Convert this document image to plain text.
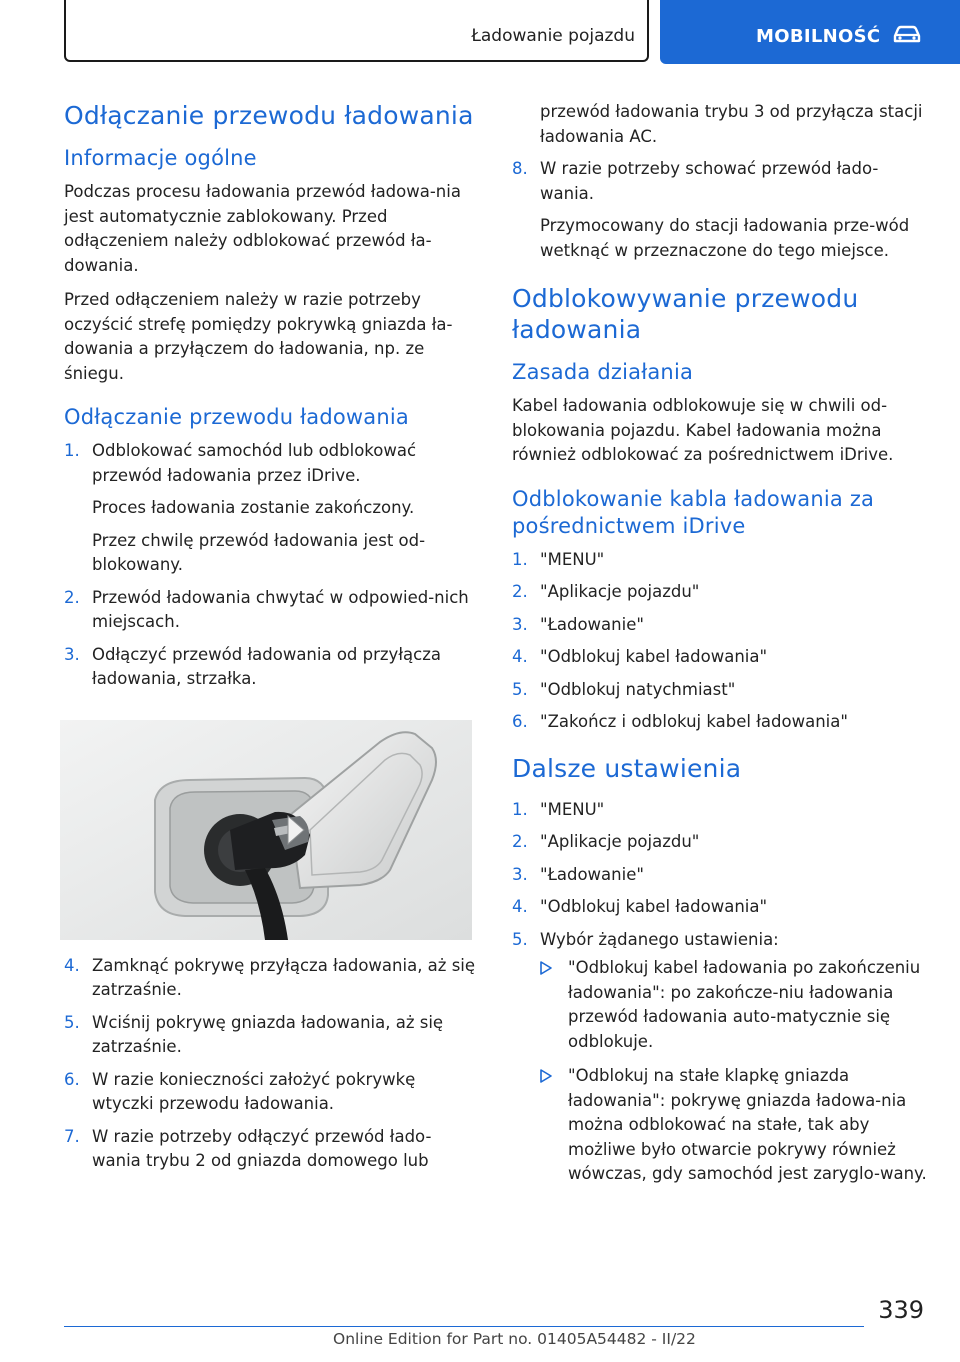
Ładowanie pojazdu	MOBILNOŚĆ
Odłączanie przewodu ładowania
Informacje ogólne

Podczas procesu ładowania przewód ładowa-nia jest automatycznie zablokowany. Przed odłączeniem należy odblokować przewód ła-dowania.

Przed odłączeniem należy w razie potrzeby oczyścić strefę pomiędzy pokrywką gniazda ła-dowania a przyłączem do ładowania, np. ze śniegu.

Odłączanie przewodu ładowania
1. Odblokować samochód lub odblokować przewód ładowania przez iDrive.
Proces ładowania zostanie zakończony.
Przez chwilę przewód ładowania jest od-blokowany.
2. Przewód ładowania chwytać w odpowied-nich miejscach.
3. Odłączyć przewód ładowania od przyłącza ładowania, strzałka.
4. Zamknąć pokrywę przyłącza ładowania, aż się zatrzaśnie.
5. Wciśnij pokrywę gniazda ładowania, aż się zatrzaśnie.
6. W razie konieczności założyć pokrywkę wtyczki przewodu ładowania.
7. W razie potrzeby odłączyć przewód łado-wania trybu 2 od gniazda domowego lub

przewód ładowania trybu 3 od przyłącza stacji ładowania AC.

8. W razie potrzeby schować przewód łado-wania.
Przymocowany do stacji ładowania prze-wód wetknąć w przeznaczone do tego miejsce.
Odblokowywanie przewodu ładowania
Zasada działania

Kabel ładowania odblokowuje się w chwili od-blokowania pojazdu. Kabel ładowania można również odblokować za pośrednictwem iDrive.

Odblokowanie kabla ładowania za pośrednictwem iDrive
1. "MENU"
2. "Aplikacje pojazdu"
3. "Ładowanie"
4. "Odblokuj kabel ładowania"
5. "Odblokuj natychmiast"
6. "Zakończ i odblokuj kabel ładowania"
Dalsze ustawienia
1. "MENU"
2. "Aplikacje pojazdu"
3. "Ładowanie"
4. "Odblokuj kabel ładowania"
5. Wybór żądanego ustawienia:
"Odblokuj kabel ładowania po zakończeniu ładowania": po zakończe-niu ładowania przewód ładowania auto-matycznie się odblokuje.
"Odblokuj na stałe klapkę gniazda ładowania": pokrywę gniazda ładowa-nia można odblokować na stałe, tak aby możliwe było otwarcie pokrywy również wówczas, gdy samochód jest zaryglo-wany.
339
Online Edition for Part no. 01405A54482 - II/22
